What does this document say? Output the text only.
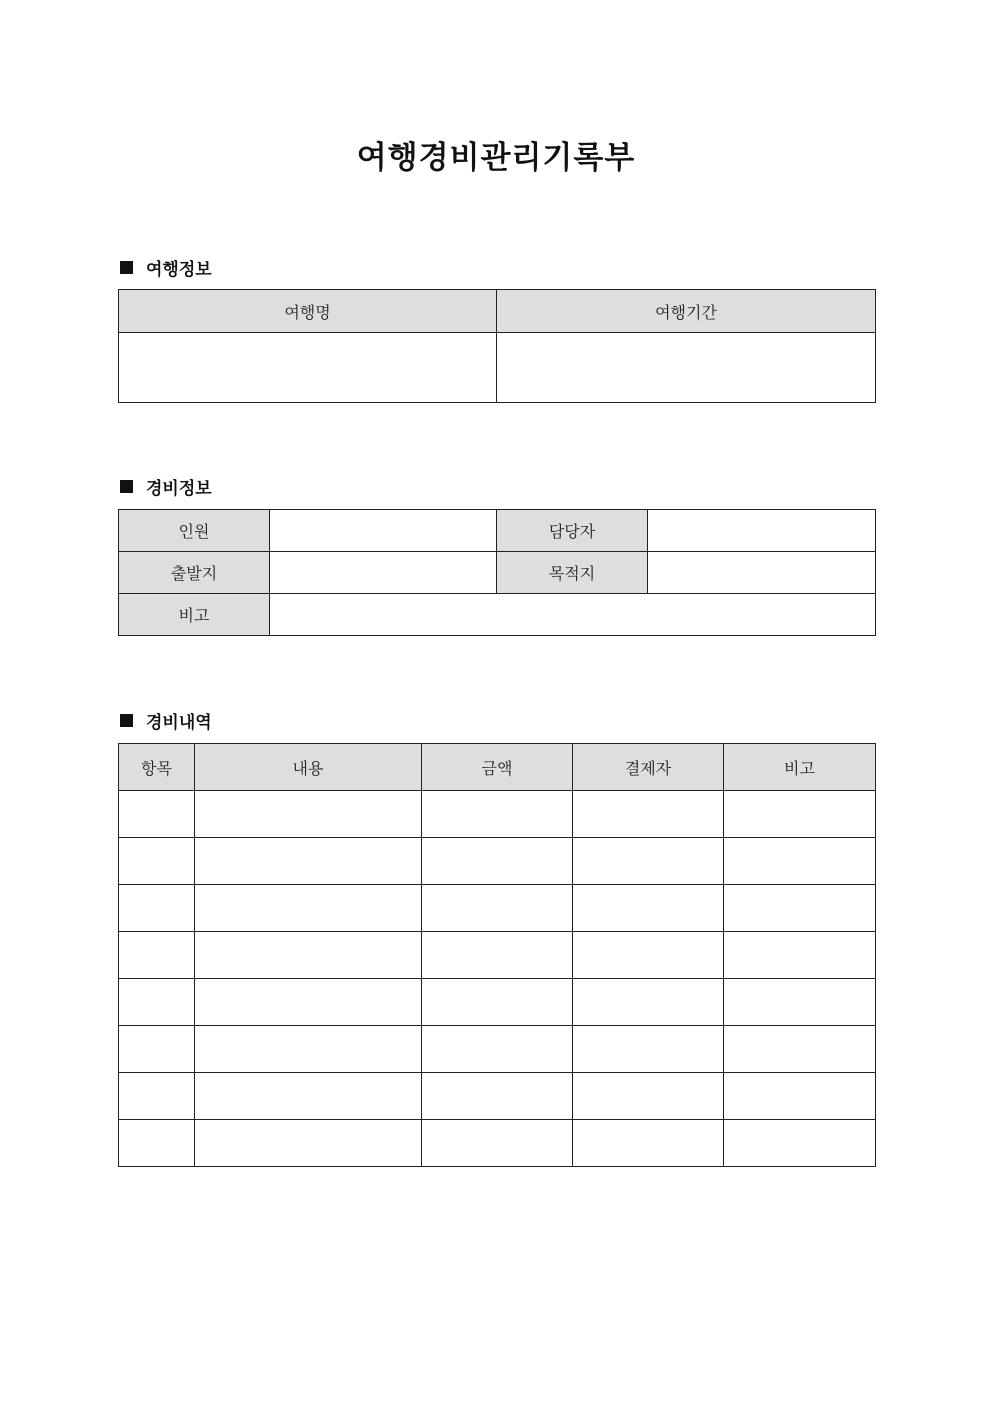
여행경비관리기록부
여행정보
여행명	여행기간

경비정보
인원		담당자	
출발지		목적지	
비고			
경비내역
항목	내용	금액	결제자	비고
